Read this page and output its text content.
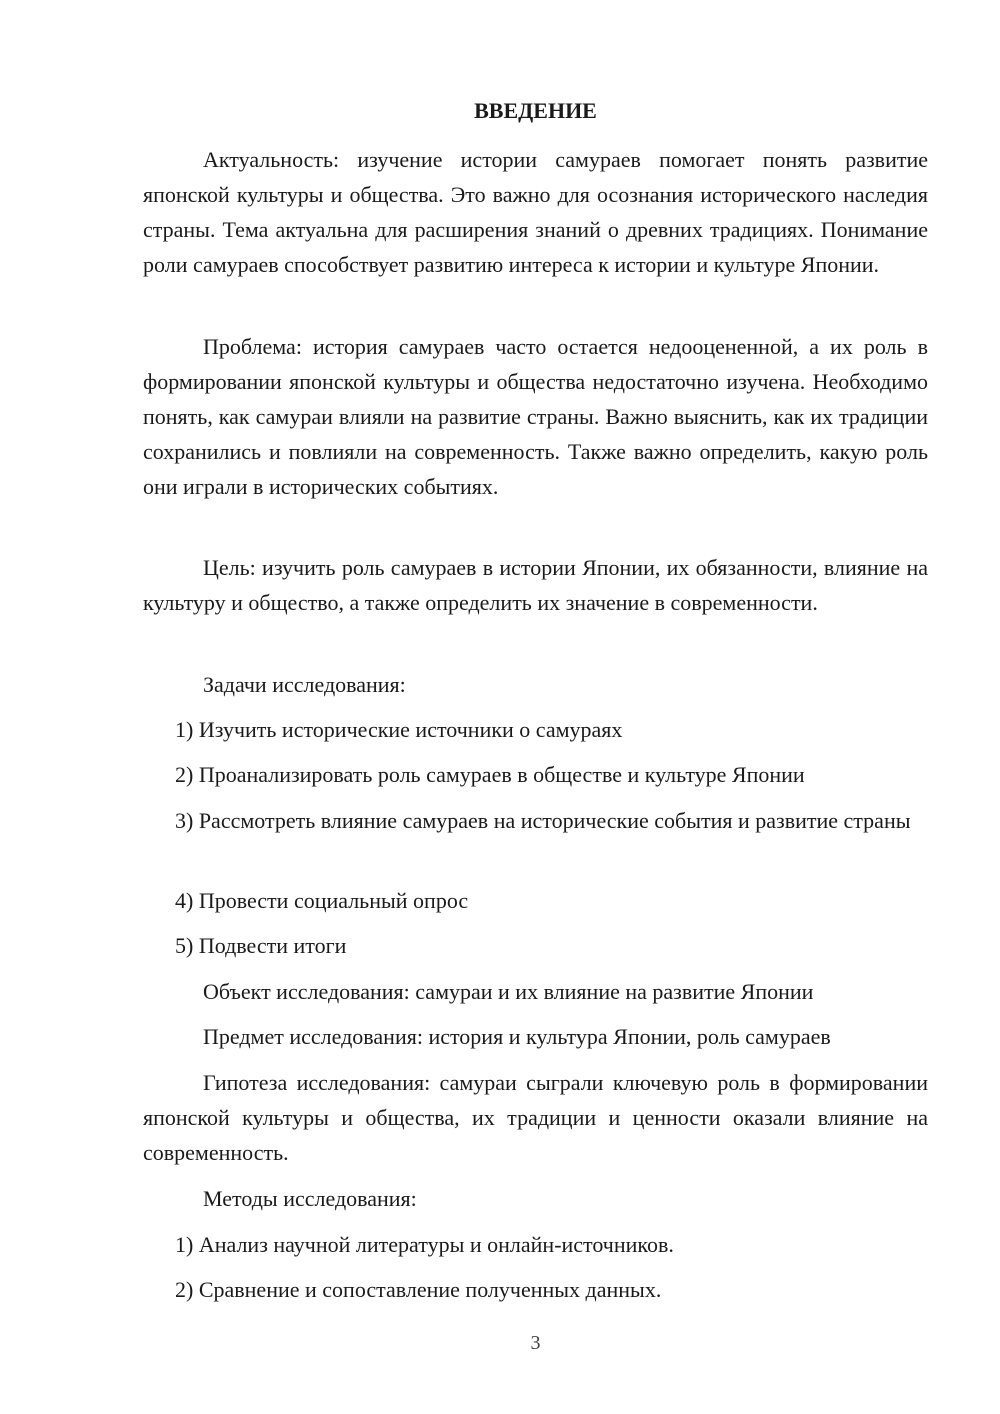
ВВЕДЕНИЕ

Актуальность: изучение истории самураев помогает понять развитие японской культуры и общества. Это важно для осознания исторического наследия страны. Тема актуальна для расширения знаний о древних традициях. Понимание роли самураев способствует развитию интереса к истории и культуре Японии.

Проблема: история самураев часто остается недооцененной, а их роль в формировании японской культуры и общества недостаточно изучена. Необходимо понять, как самураи влияли на развитие страны. Важно выяснить, как их традиции сохранились и повлияли на современность. Также важно определить, какую роль они играли в исторических событиях.

Цель: изучить роль самураев в истории Японии, их обязанности, влияние на культуру и общество, а также определить их значение в современности.

Задачи исследования:

1) Изучить исторические источники о самураях

2) Проанализировать роль самураев в обществе и культуре Японии

3) Рассмотреть влияние самураев на исторические события и развитие страны

4) Провести социальный опрос

5) Подвести итоги

Объект исследования: самураи и их влияние на развитие Японии

Предмет исследования: история и культура Японии, роль самураев

Гипотеза исследования: самураи сыграли ключевую роль в формировании японской культуры и общества, их традиции и ценности оказали влияние на современность.

Методы исследования:

1) Анализ научной литературы и онлайн-источников.

2) Сравнение и сопоставление полученных данных.

3
